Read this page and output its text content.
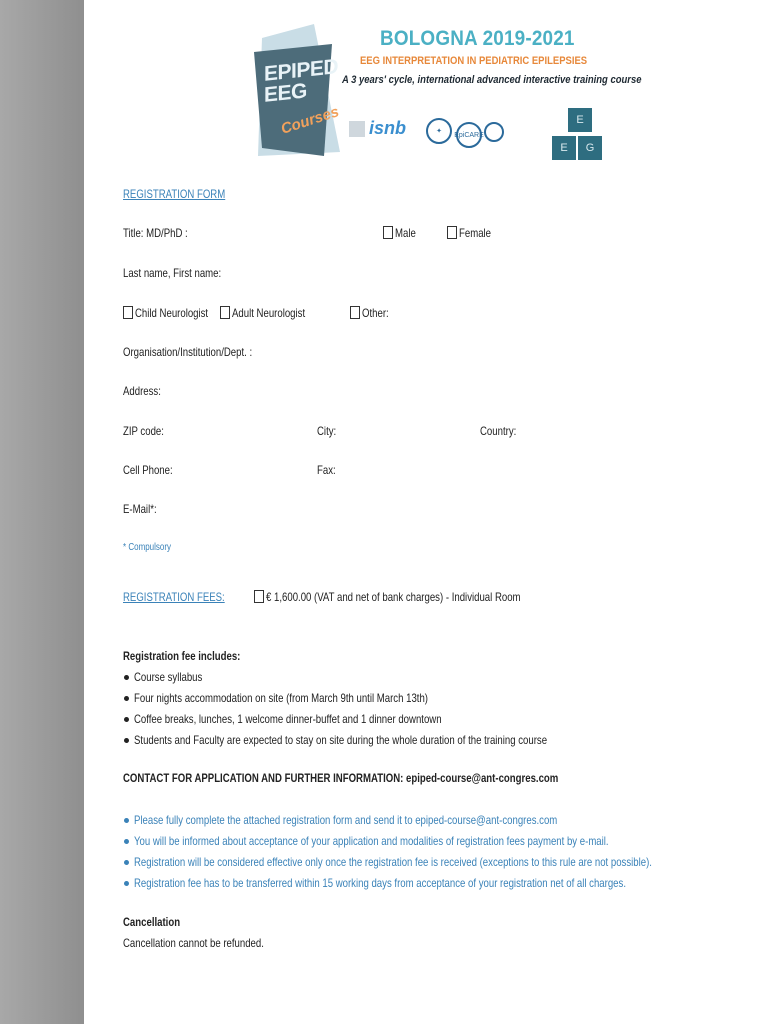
EPIPED
EEG
Courses
BOLOGNA 2019-2021
EEG INTERPRETATION IN PEDIATRIC EPILEPSIES
A 3 years' cycle, international advanced interactive training course
isnb	✦	EpiCARE
E
E	G
REGISTRATION FORM
Title: MD/PhD :	Male	Female
Last name, First name:
Child Neurologist Adult Neurologist	Other:
Organisation/Institution/Dept. :
Address:
ZIP code:	City:	Country:
Cell Phone:	Fax:
E-Mail*:
* Compulsory
REGISTRATION FEES:	€ 1,600.00 (VAT and net of bank charges) - Individual Room
Registration fee includes:
Course syllabus
Four nights accommodation on site (from March 9th until March 13th)
Coffee breaks, lunches, 1 welcome dinner-buffet and 1 dinner downtown
Students and Faculty are expected to stay on site during the whole duration of the training course
CONTACT FOR APPLICATION AND FURTHER INFORMATION: epiped-course@ant-congres.com
Please fully complete the attached registration form and send it to epiped-course@ant-congres.com
You will be informed about acceptance of your application and modalities of registration fees payment by e-mail.
Registration will be considered effective only once the registration fee is received (exceptions to this rule are not possible).
Registration fee has to be transferred within 15 working days from acceptance of your registration net of all charges.
Cancellation
Cancellation cannot be refunded.
